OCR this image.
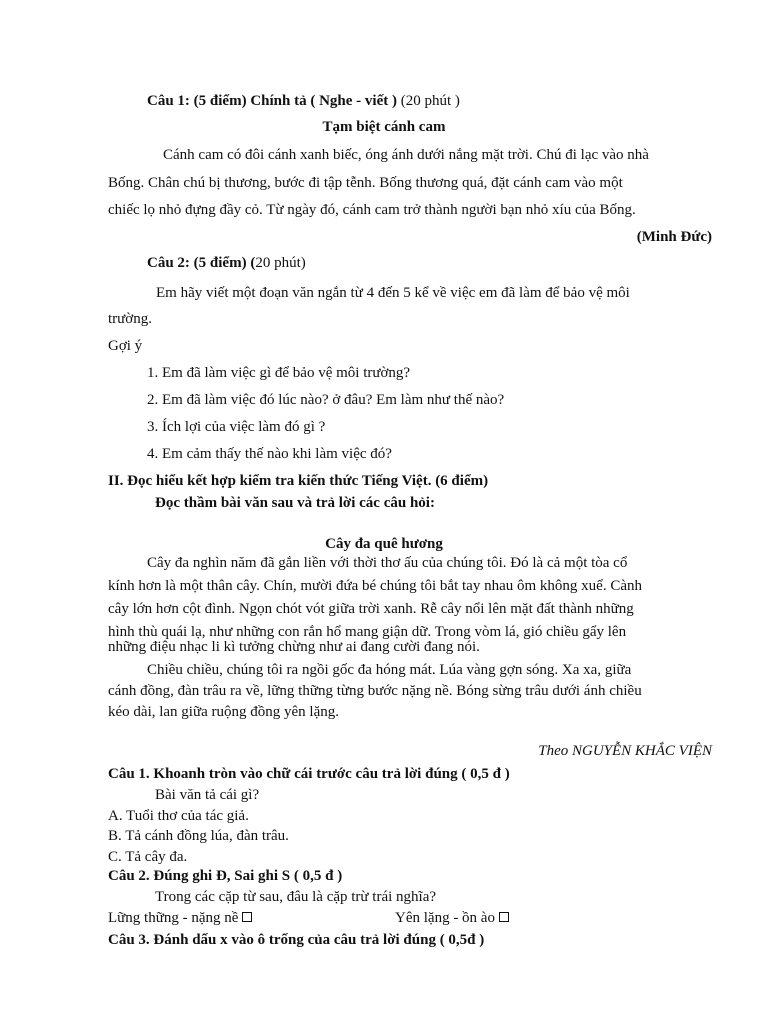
Câu 1: (5 điểm) Chính tả ( Nghe - viết ) (20 phút )
Tạm biệt cánh cam
Cánh cam có đôi cánh xanh biếc, óng ánh dưới nắng mặt trời. Chú đi lạc vào nhà
Bống. Chân chú bị thương, bước đi tập tễnh. Bống thương quá, đặt cánh cam vào một
chiếc lọ nhỏ đựng đầy cỏ. Từ ngày đó, cánh cam trở thành người bạn nhỏ xíu của Bống.
(Minh Đức)
Câu 2: (5 điểm) (20 phút)
Em hãy viết một đoạn văn ngắn từ 4 đến 5 kể về việc em đã làm để bảo vệ môi
trường.
Gợi ý
1. Em đã làm việc gì để bảo vệ môi trường?
2. Em đã làm việc đó lúc nào? ở đâu? Em làm như thế nào?
3. Ích lợi của việc làm đó gì ?
4. Em cảm thấy thế nào khi làm việc đó?
II. Đọc hiểu kết hợp kiểm tra kiến thức Tiếng Việt. (6 điểm)
Đọc thầm bài văn sau và trả lời các câu hỏi:
Cây đa quê hương
Cây đa nghìn năm đã gắn liền với thời thơ ấu của chúng tôi. Đó là cả một tòa cổ
kính hơn là một thân cây. Chín, mười đứa bé chúng tôi bắt tay nhau ôm không xuể. Cành
cây lớn hơn cột đình. Ngọn chót vót giữa trời xanh. Rễ cây nổi lên mặt đất thành những
hình thù quái lạ, như những con rắn hổ mang giận dữ. Trong vòm lá, gió chiều gẩy lên
những điệu nhạc li kì tưởng chừng như ai đang cười đang nói.
Chiều chiều, chúng tôi ra ngồi gốc đa hóng mát. Lúa vàng gợn sóng. Xa xa, giữa
cánh đồng, đàn trâu ra về, lững thững từng bước nặng nề. Bóng sừng trâu dưới ánh chiều
kéo dài, lan giữa ruộng đồng yên lặng.
Theo NGUYỄN KHẮC VIỆN
Câu 1. Khoanh tròn vào chữ cái trước câu trả lời đúng ( 0,5 đ )
Bài văn tả cái gì?
A. Tuổi thơ của tác giả.
B. Tả cánh đồng lúa, đàn trâu.
C. Tả cây đa.
Câu 2. Đúng ghi Đ, Sai ghi S ( 0,5 đ )
Trong các cặp từ sau, đâu là cặp trừ trái nghĩa?
Lững thững - nặng nề	Yên lặng - ồn ào
Câu 3. Đánh dấu x vào ô trống của câu trả lời đúng ( 0,5đ )
